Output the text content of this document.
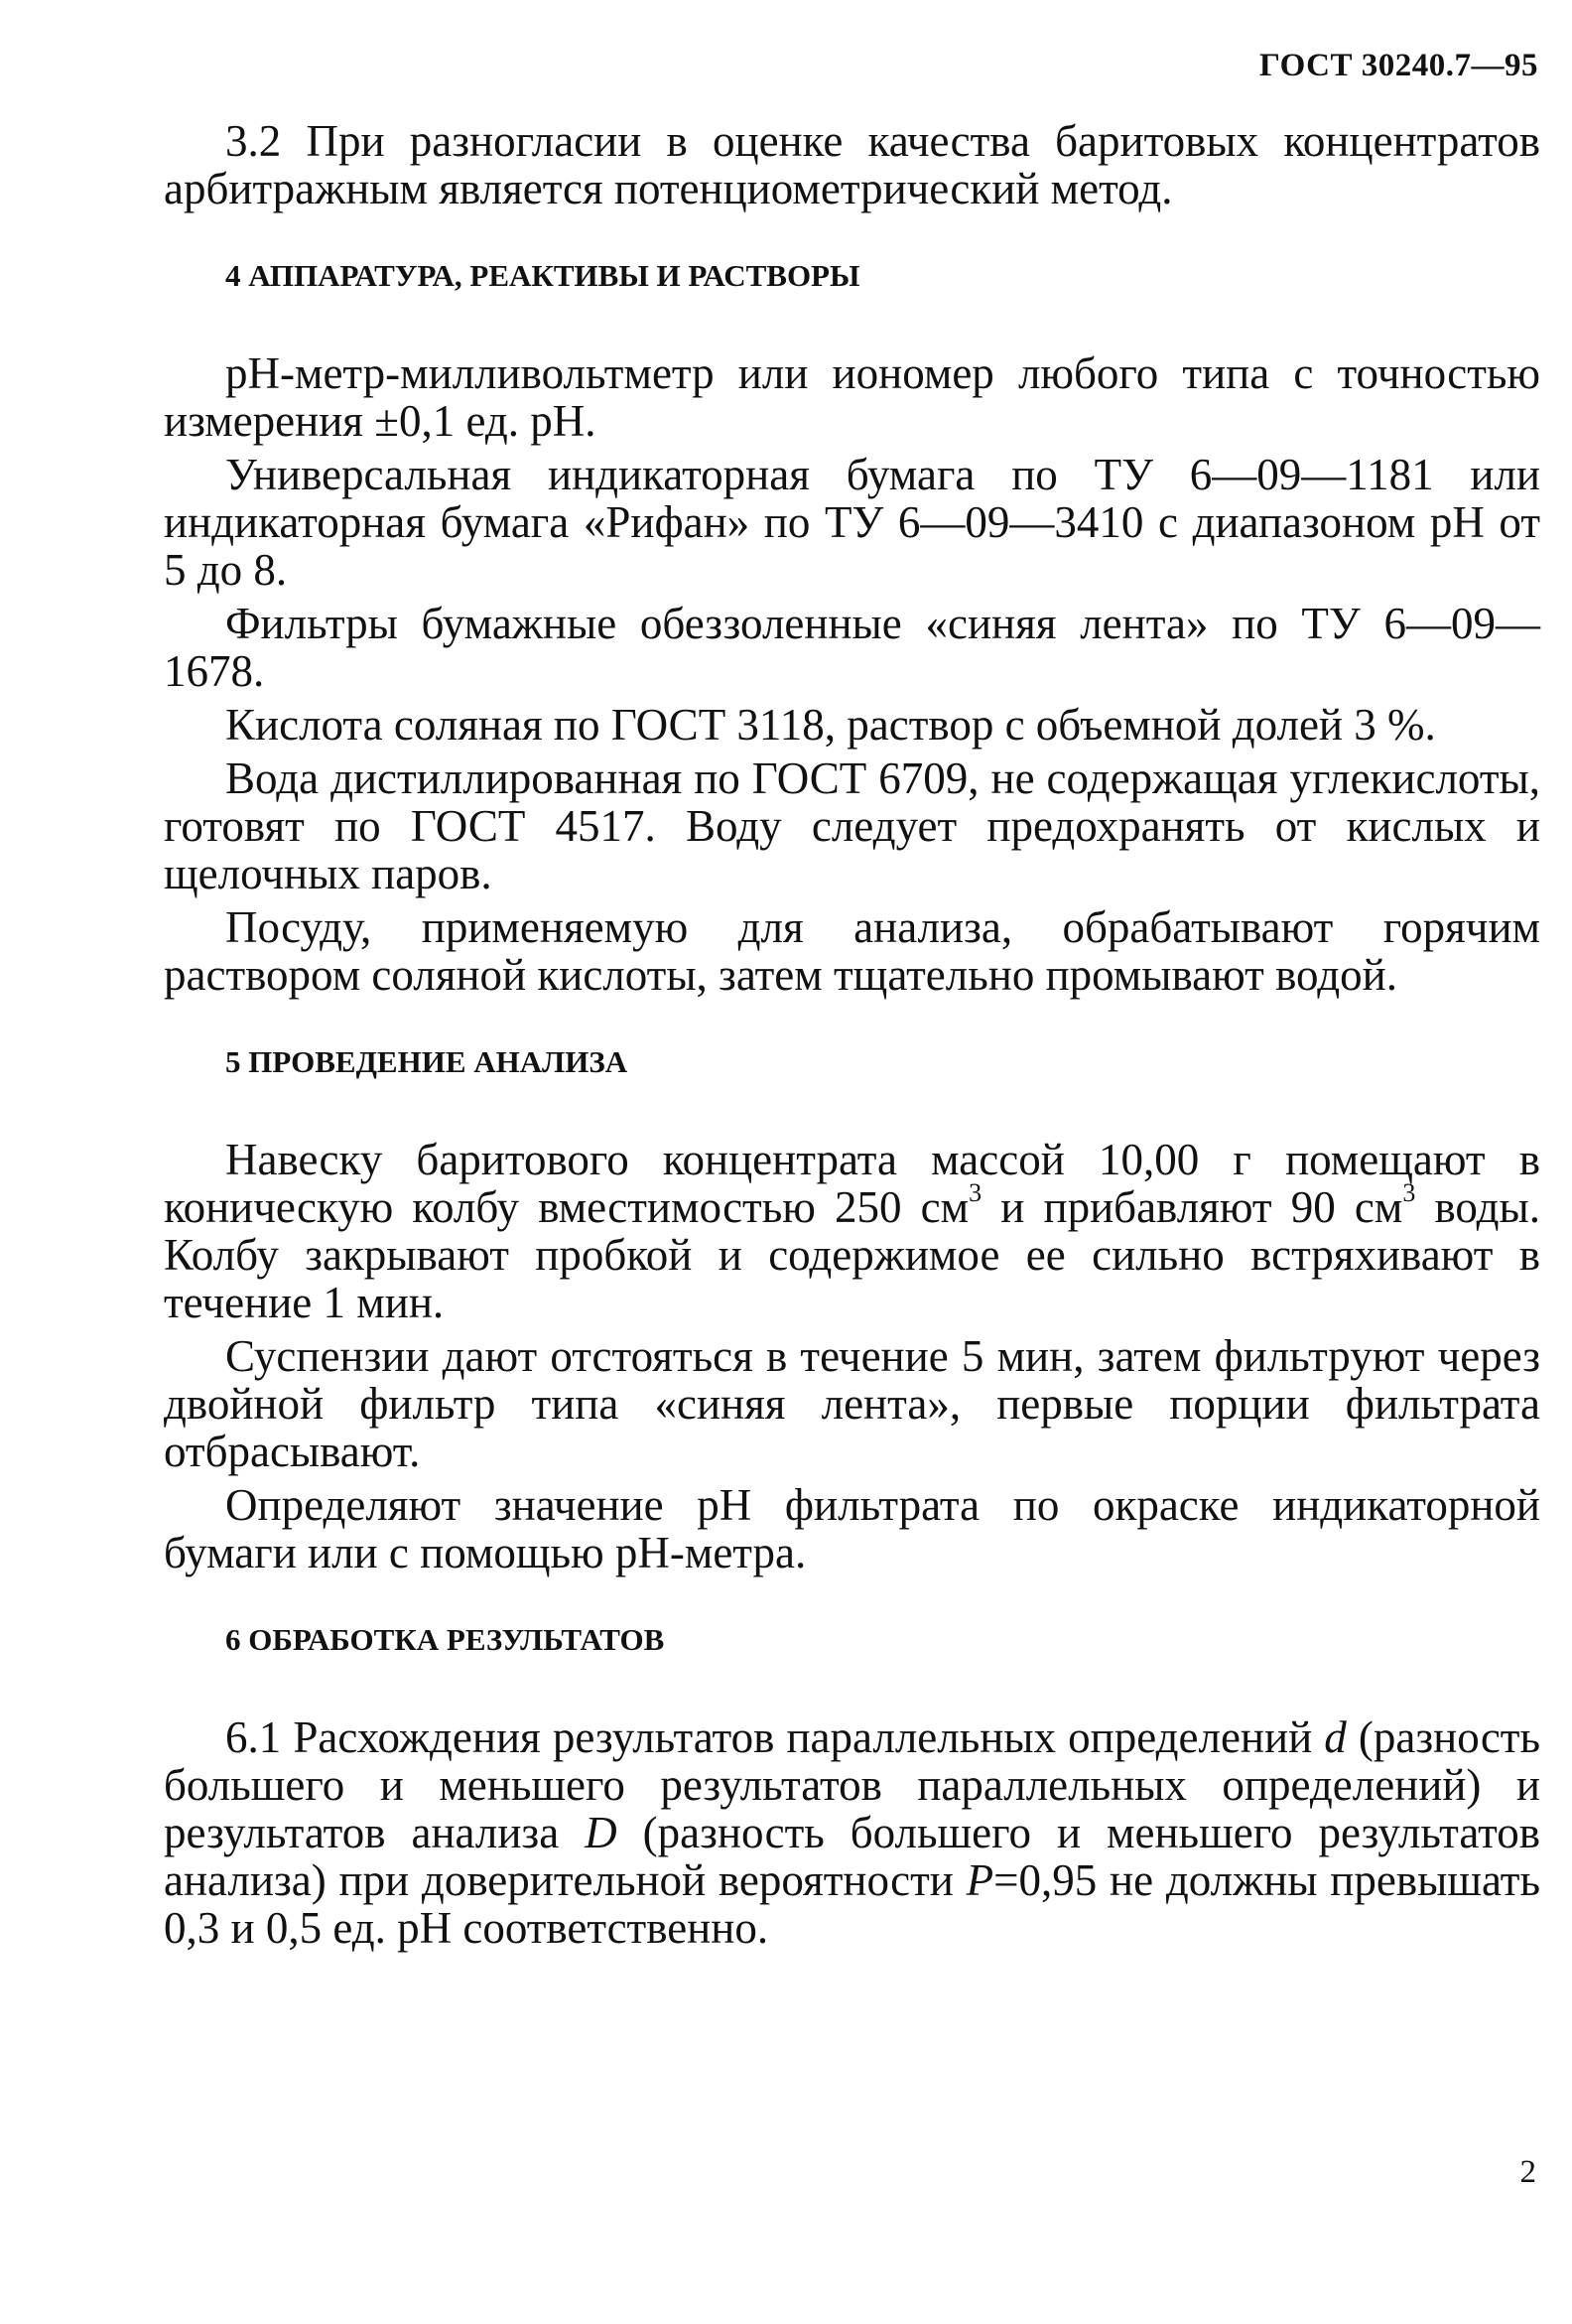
ГОСТ 30240.7—95

3.2 При разногласии в оценке качества баритовых концентратов арбитражным является потенциометрический метод.

4 АППАРАТУРА, РЕАКТИВЫ И РАСТВОРЫ

рН-метр-милливольтметр или иономер любого типа с точностью измерения ±0,1 ед. рН.

Универсальная индикаторная бумага по ТУ 6—09—1181 или индикаторная бумага «Рифан» по ТУ 6—09—3410 с диапазоном рН от 5 до 8.

Фильтры бумажные обеззоленные «синяя лента» по ТУ 6—09—1678.

Кислота соляная по ГОСТ 3118, раствор с объемной долей 3 %.

Вода дистиллированная по ГОСТ 6709, не содержащая углекислоты, готовят по ГОСТ 4517. Воду следует предохранять от кислых и щелочных паров.

Посуду, применяемую для анализа, обрабатывают горячим раствором соляной кислоты, затем тщательно промывают водой.

5 ПРОВЕДЕНИЕ АНАЛИЗА

Навеску баритового концентрата массой 10,00 г помещают в коническую колбу вместимостью 250 $см^3$ и прибавляют 90 $см^3$ воды. Колбу закрывают пробкой и содержимое ее сильно встряхивают в течение 1 мин.

Суспензии дают отстояться в течение 5 мин, затем фильтруют через двойной фильтр типа «синяя лента», первые порции фильтрата отбрасывают.

Определяют значение рН фильтрата по окраске индикаторной бумаги или с помощью рН-метра.

6 ОБРАБОТКА РЕЗУЛЬТАТОВ

6.1 Расхождения результатов параллельных определений d (разность большего и меньшего результатов параллельных определений) и результатов анализа D (разность большего и меньшего результатов анализа) при доверительной вероятности P=0,95 не должны превышать 0,3 и 0,5 ед. рН соответственно.

2
